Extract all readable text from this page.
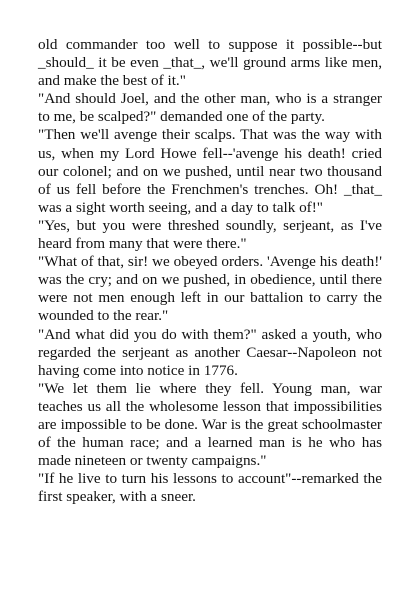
old commander too well to suppose it possible--but _should_ it be even _that_, we'll ground arms like men, and make the best of it."

"And should Joel, and the other man, who is a stranger to me, be scalped?" demanded one of the party.

"Then we'll avenge their scalps. That was the way with us, when my Lord Howe fell--'avenge his death! cried our colonel; and on we pushed, until near two thousand of us fell before the Frenchmen's trenches. Oh! _that_ was a sight worth seeing, and a day to talk of!"

"Yes, but you were threshed soundly, serjeant, as I've heard from many that were there."

"What of that, sir! we obeyed orders. 'Avenge his death!' was the cry; and on we pushed, in obedience, until there were not men enough left in our battalion to carry the wounded to the rear."

"And what did you do with them?" asked a youth, who regarded the serjeant as another Caesar--Napoleon not having come into notice in 1776.

"We let them lie where they fell. Young man, war teaches us all the wholesome lesson that impossibilities are impossible to be done. War is the great schoolmaster of the human race; and a learned man is he who has made nineteen or twenty campaigns."

"If he live to turn his lessons to account"--remarked the first speaker, with a sneer.
